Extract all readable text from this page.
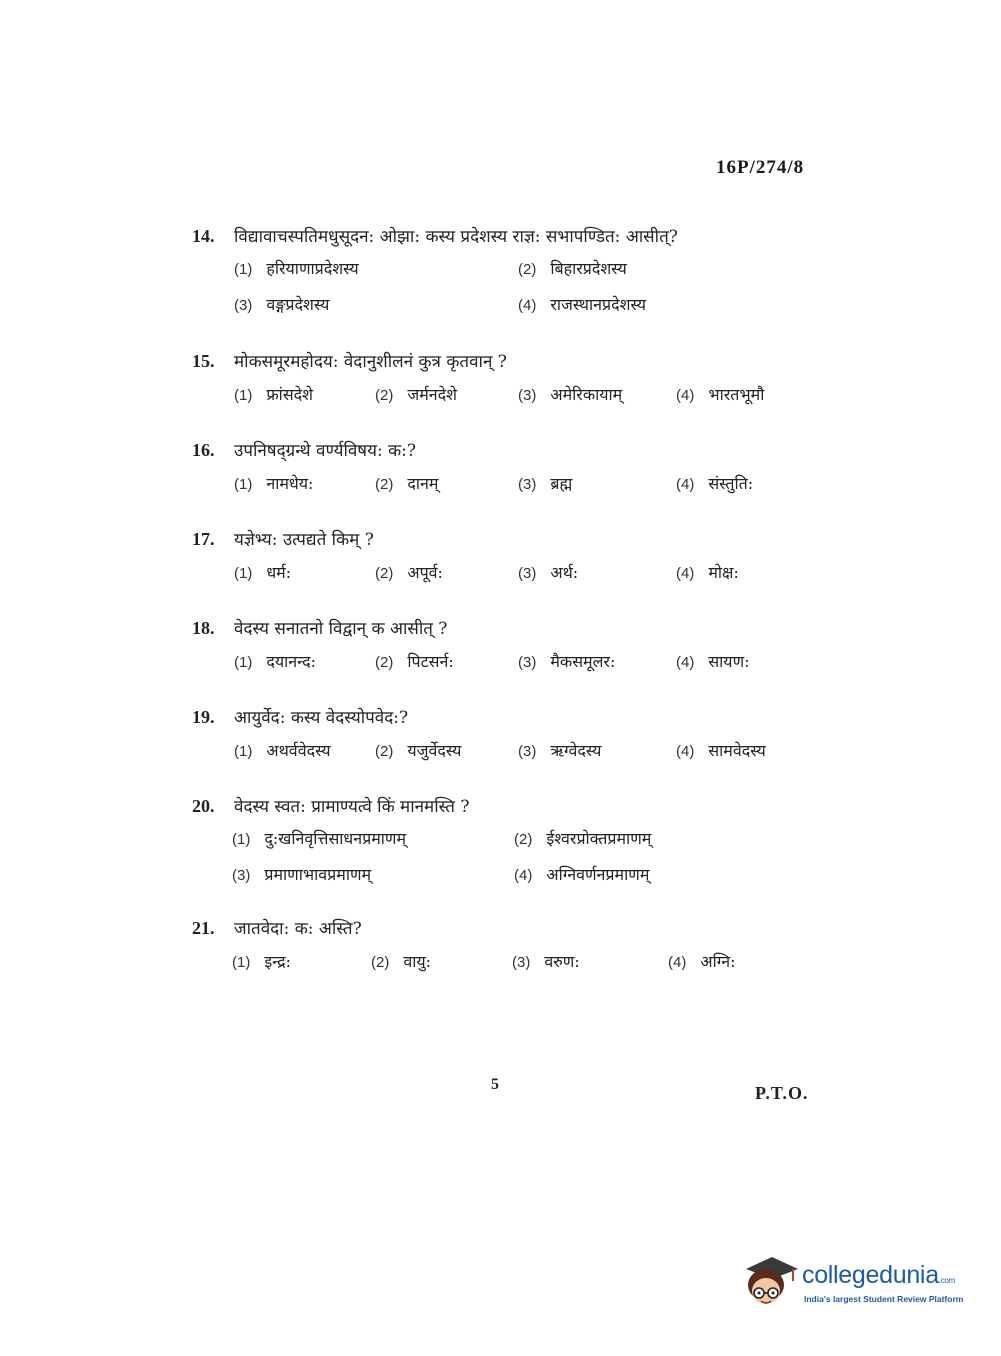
16P/274/8
14.	विद्यावाचस्पतिमधुसूदन: ओझा: कस्य प्रदेशस्य राज्ञ: सभापण्डित: आसीत्?
(1) हरियाणाप्रदेशस्य	(2) बिहारप्रदेशस्य
(3) वङ्गप्रदेशस्य	(4) राजस्थानप्रदेशस्य
15.	मोकसमूरमहोदय: वेदानुशीलनं कुत्र कृतवान् ?
(1) फ्रांसदेशे	(2) जर्मनदेशे	(3) अमेरिकायाम्	(4) भारतभूमौ
16.	उपनिषद्ग्रन्थे वर्ण्यविषय: क:?
(1) नामधेय:	(2) दानम्	(3) ब्रह्म	(4) संस्तुति:
17.	यज्ञेभ्य: उत्पद्यते किम् ?
(1) धर्म:	(2) अपूर्व:	(3) अर्थ:	(4) मोक्ष:
18.	वेदस्य सनातनो विद्वान् क आसीत् ?
(1) दयानन्द:	(2) पिटसर्न:	(3) मैकसमूलर:	(4) सायण:
19.	आयुर्वेद: कस्य वेदस्योपवेद:?
(1) अथर्ववेदस्य	(2) यजुर्वेदस्य	(3) ऋग्वेदस्य	(4) सामवेदस्य
20.	वेदस्य स्वत: प्रामाण्यत्वे किं मानमस्ति ?
(1) दु:खनिवृत्तिसाधनप्रमाणम्	(2) ईश्वरप्रोक्तप्रमाणम्
(3) प्रमाणाभावप्रमाणम्	(4) अग्निवर्णनप्रमाणम्
21.	जातवेदा: क: अस्ति?
(1) इन्द्र:	(2) वायु:	(3) वरुण:	(4) अग्नि:
5	P.T.O.
collegedunia.com
India's largest Student Review Platform
